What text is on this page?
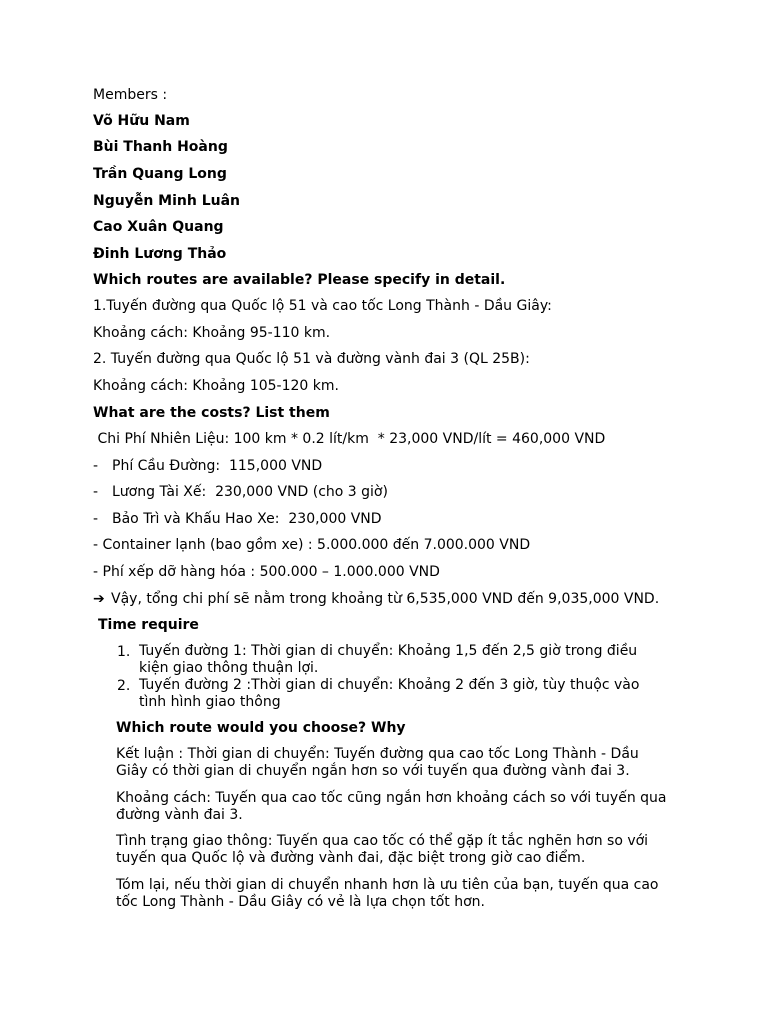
Members :
Võ Hữu Nam
Bùi Thanh Hoàng
Trần Quang Long
Nguyễn Minh Luân
Cao Xuân Quang
Đinh Lương Thảo
Which routes are available? Please specify in detail.
1.Tuyến đường qua Quốc lộ 51 và cao tốc Long Thành - Dầu Giây:
Khoảng cách: Khoảng 95-110 km.
2. Tuyến đường qua Quốc lộ 51 và đường vành đai 3 (QL 25B):
Khoảng cách: Khoảng 105-120 km.
What are the costs? List them
Chi Phí Nhiên Liệu: 100 km * 0.2 lít/km  * 23,000 VND/lít = 460,000 VND
- Phí Cầu Đường:  115,000 VND
- Lương Tài Xế:  230,000 VND (cho 3 giờ)
- Bảo Trì và Khấu Hao Xe:  230,000 VND
- Container lạnh (bao gồm xe) : 5.000.000 đến 7.000.000 VND
- Phí xếp dỡ hàng hóa : 500.000 – 1.000.000 VND
➔ Vậy, tổng chi phí sẽ nằm trong khoảng từ 6,535,000 VND đến 9,035,000 VND.
Time require
1. Tuyến đường 1: Thời gian di chuyển: Khoảng 1,5 đến 2,5 giờ trong điều kiện giao thông thuận lợi.
2. Tuyến đường 2 :Thời gian di chuyển: Khoảng 2 đến 3 giờ, tùy thuộc vào tình hình giao thông
Which route would you choose? Why
Kết luận : Thời gian di chuyển: Tuyến đường qua cao tốc Long Thành - Dầu Giây có thời gian di chuyển ngắn hơn so với tuyến qua đường vành đai 3.
Khoảng cách: Tuyến qua cao tốc cũng ngắn hơn khoảng cách so với tuyến qua đường vành đai 3.
Tình trạng giao thông: Tuyến qua cao tốc có thể gặp ít tắc nghẽn hơn so với tuyến qua Quốc lộ và đường vành đai, đặc biệt trong giờ cao điểm.
Tóm lại, nếu thời gian di chuyển nhanh hơn là ưu tiên của bạn, tuyến qua cao tốc Long Thành - Dầu Giây có vẻ là lựa chọn tốt hơn.
